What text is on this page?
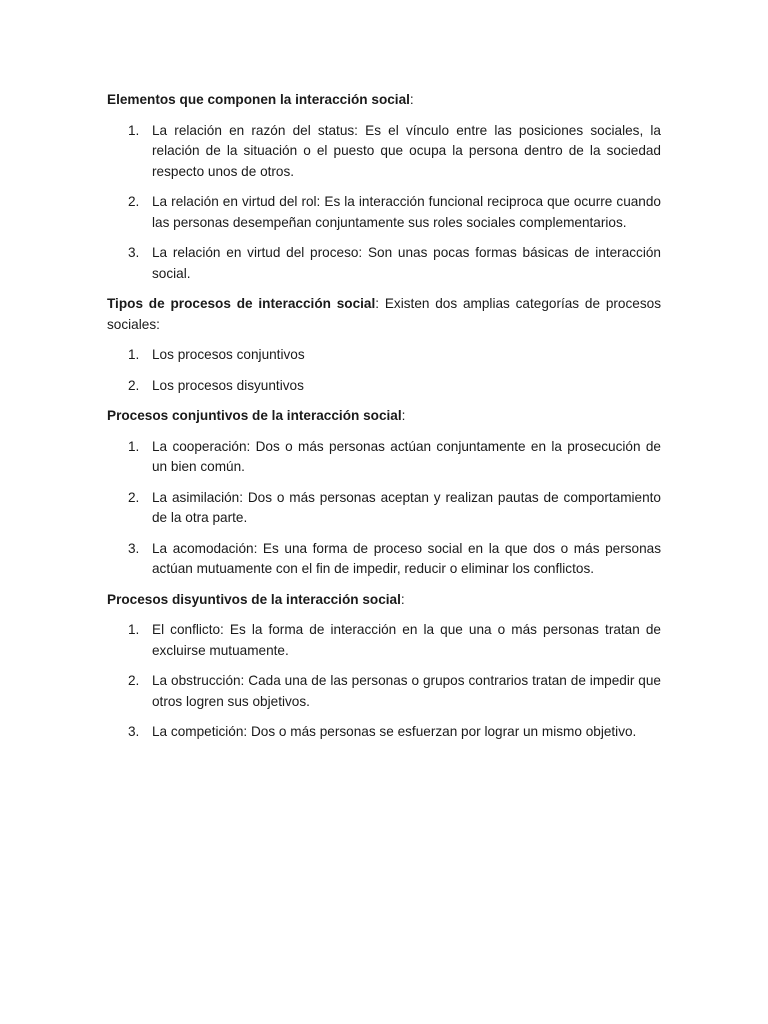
Elementos que componen la interacción social:

1. La relación en razón del status: Es el vínculo entre las posiciones sociales, la relación de la situación o el puesto que ocupa la persona dentro de la sociedad respecto unos de otros.
2. La relación en virtud del rol: Es la interacción funcional reciproca que ocurre cuando las personas desempeñan conjuntamente sus roles sociales complementarios.
3. La relación en virtud del proceso: Son unas pocas formas básicas de interacción social.

Tipos de procesos de interacción social: Existen dos amplias categorías de procesos sociales:

1. Los procesos conjuntivos
2. Los procesos disyuntivos

Procesos conjuntivos de la interacción social:

1. La cooperación: Dos o más personas actúan conjuntamente en la prosecución de un bien común.
2. La asimilación: Dos o más personas aceptan y realizan pautas de comportamiento de la otra parte.
3. La acomodación: Es una forma de proceso social en la que dos o más personas actúan mutuamente con el fin de impedir, reducir o eliminar los conflictos.

Procesos disyuntivos de la interacción social:

1. El conflicto: Es la forma de interacción en la que una o más personas tratan de excluirse mutuamente.
2. La obstrucción: Cada una de las personas o grupos contrarios tratan de impedir que otros logren sus objetivos.
3. La competición: Dos o más personas se esfuerzan por lograr un mismo objetivo.
